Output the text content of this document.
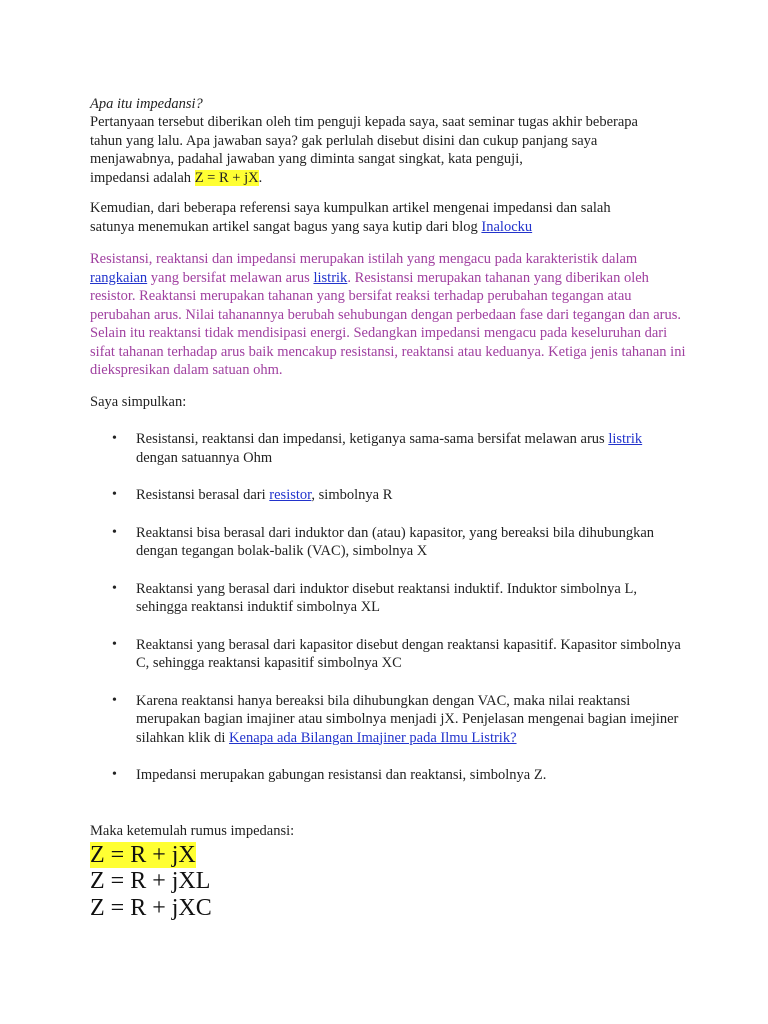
Apa itu impedansi?
Pertanyaan tersebut diberikan oleh tim penguji kepada saya, saat seminar tugas akhir beberapa
tahun yang lalu. Apa jawaban saya? gak perlulah disebut disini dan cukup panjang saya
menjawabnya, padahal jawaban yang diminta sangat singkat, kata penguji,
impedansi adalah Z = R + jX.
Kemudian, dari beberapa referensi saya kumpulkan artikel mengenai impedansi dan salah
satunya menemukan artikel sangat bagus yang saya kutip dari blog Inalocku
Resistansi, reaktansi dan impedansi merupakan istilah yang mengacu pada karakteristik dalam
rangkaian yang bersifat melawan arus listrik. Resistansi merupakan tahanan yang diberikan oleh resistor. Reaktansi merupakan tahanan yang bersifat reaksi terhadap perubahan tegangan atau perubahan arus. Nilai tahanannya berubah sehubungan dengan perbedaan fase dari tegangan dan arus. Selain itu reaktansi tidak mendisipasi energi. Sedangkan impedansi mengacu pada keseluruhan dari sifat tahanan terhadap arus baik mencakup resistansi, reaktansi atau keduanya. Ketiga jenis tahanan ini diekspresikan dalam satuan ohm.
Saya simpulkan:
• Resistansi, reaktansi dan impedansi, ketiganya sama-sama bersifat melawan arus listrik
dengan satuannya Ohm
• Resistansi berasal dari resistor, simbolnya R
• Reaktansi bisa berasal dari induktor dan (atau) kapasitor, yang bereaksi bila dihubungkan dengan tegangan bolak-balik (VAC), simbolnya X
• Reaktansi yang berasal dari induktor disebut reaktansi induktif. Induktor simbolnya L, sehingga reaktansi induktif simbolnya XL
• Reaktansi yang berasal dari kapasitor disebut dengan reaktansi kapasitif. Kapasitor simbolnya C, sehingga reaktansi kapasitif simbolnya XC
• Karena reaktansi hanya bereaksi bila dihubungkan dengan VAC, maka nilai reaktansi merupakan bagian imajiner atau simbolnya menjadi jX. Penjelasan mengenai bagian imejiner silahkan klik di Kenapa ada Bilangan Imajiner pada Ilmu Listrik?
• Impedansi merupakan gabungan resistansi dan reaktansi, simbolnya Z.
Maka ketemulah rumus impedansi:
Z = R + jX
Z = R + jXL
Z = R + jXC
